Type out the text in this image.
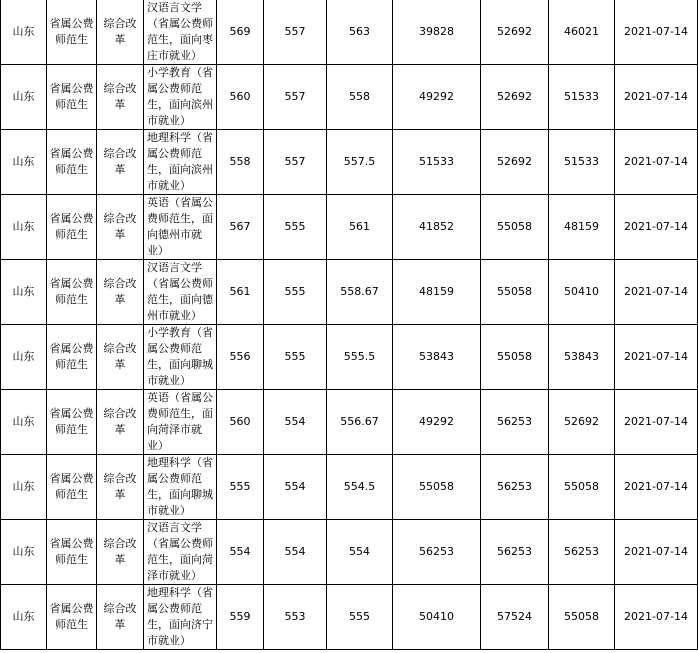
山东	省属公费师范生	综合改革	汉语言文学（省属公费师范生，面向枣庄市就业）	569	557	563	39828	52692	46021	2021-07-14
山东	省属公费师范生	综合改革	小学教育（省属公费师范生，面向滨州市就业）	560	557	558	49292	52692	51533	2021-07-14
山东	省属公费师范生	综合改革	地理科学（省属公费师范生，面向滨州市就业）	558	557	557.5	51533	52692	51533	2021-07-14
山东	省属公费师范生	综合改革	英语（省属公费师范生，面向德州市就业）	567	555	561	41852	55058	48159	2021-07-14
山东	省属公费师范生	综合改革	汉语言文学（省属公费师范生，面向德州市就业）	561	555	558.67	48159	55058	50410	2021-07-14
山东	省属公费师范生	综合改革	小学教育（省属公费师范生，面向聊城市就业）	556	555	555.5	53843	55058	53843	2021-07-14
山东	省属公费师范生	综合改革	英语（省属公费师范生，面向菏泽市就业）	560	554	556.67	49292	56253	52692	2021-07-14
山东	省属公费师范生	综合改革	地理科学（省属公费师范生，面向聊城市就业）	555	554	554.5	55058	56253	55058	2021-07-14
山东	省属公费师范生	综合改革	汉语言文学（省属公费师范生，面向菏泽市就业）	554	554	554	56253	56253	56253	2021-07-14
山东	省属公费师范生	综合改革	地理科学（省属公费师范生，面向济宁市就业）	559	553	555	50410	57524	55058	2021-07-14
